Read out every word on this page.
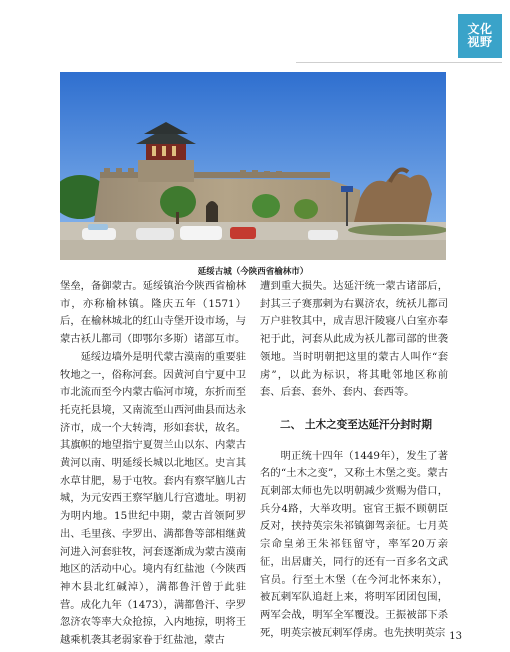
文化
视野
延绥古城（今陕西省榆林市）

堡垒，备御蒙古。延绥镇治今陕西省榆林市，亦称榆林镇。隆庆五年（1571）后，在榆林城北的红山寺堡开设市场，与蒙古袄儿都司（即鄂尔多斯）诸部互市。

延绥边墙外是明代蒙古漠南的重要驻牧地之一，俗称河套。因黄河自宁夏中卫市北流而至今内蒙古临河市境，东折而至托克托县境，又南流至山西河曲县而达永济市，成一个大转湾，形如套状，故名。其旗帜的地望指宁夏贺兰山以东、内蒙古黄河以南、明延绥长城以北地区。史言其水草甘肥，易于屯牧。套内有察罕脑儿古城，为元安西王察罕脑儿行宫遗址。明初为明内地。15世纪中期，蒙古首领阿罗出、毛里孩、孛罗出、满都鲁等部相继黄河进入河套驻牧，河套逐渐成为蒙古漠南地区的活动中心。境内有红盐池（今陕西神木县北红碱淖），满都鲁汗曾于此驻营。成化九年（1473），满都鲁汗、孛罗忽济农等率大众抢掠，入内地掠，明将王越乘机袭其老弱家眷于红盐池，蒙古

遭到重大损失。达延汗统一蒙古诸部后，封其三子赛那剌为右翼济农，统袄儿都司万户驻牧其中，成吉思汗陵寝八白室亦奉祀于此，河套从此成为袄儿都司部的世袭领地。当时明朝把这里的蒙古人叫作“套虏”，以此为标识，将其毗邻地区称前套、后套、套外、套内、套西等。

二、 土木之变至达延汗分封时期

明正统十四年（1449年），发生了著名的“土木之变”，又称土木堡之变。蒙古瓦剌部太师也先以明朝减少赏赐为借口，兵分4路，大举攻明。宦官王振不顾朝臣反对，挟持英宗朱祁镇御驾亲征。七月英宗命皇弟王朱祁钰留守，率军20万亲征，出居庸关，同行的还有一百多名文武官员。行至土木堡（在今河北怀来东），被瓦剌军队追赶上来，将明军团团包围，两军会战，明军全军覆没。王振被部下杀死，明英宗被瓦剌军俘虏。也先挟明英宗 13
